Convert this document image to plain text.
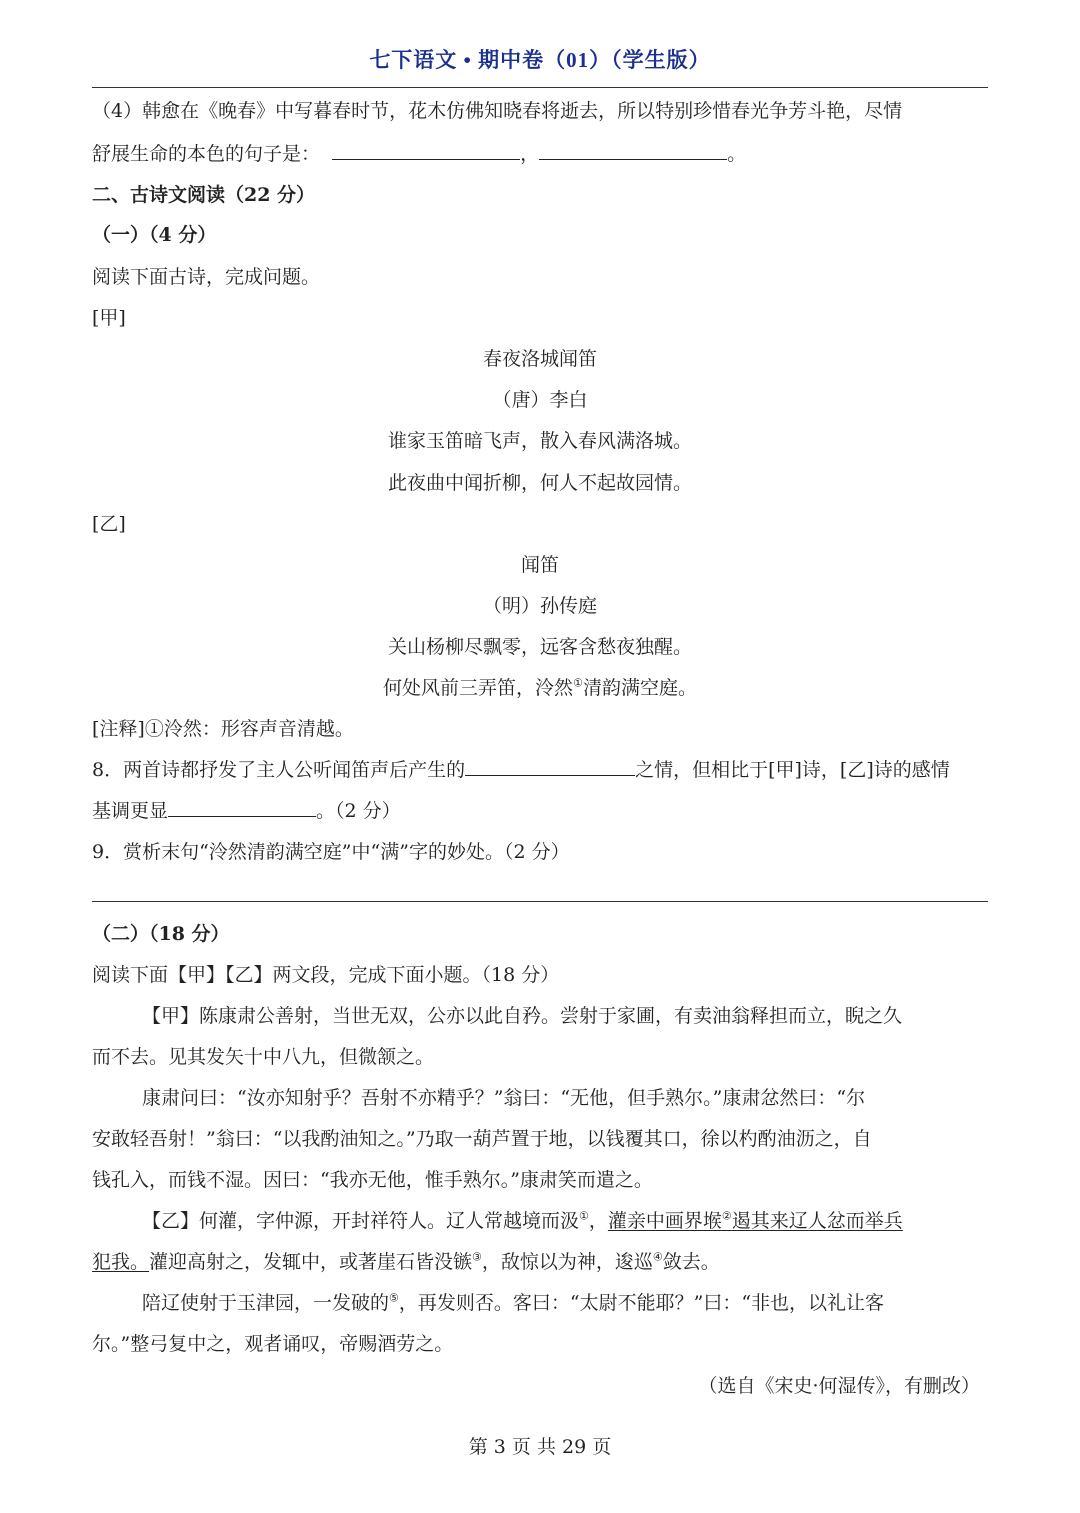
七下语文 • 期中卷（01）（学生版）
（4）韩愈在《晚春》中写暮春时节，花木仿佛知晓春将逝去，所以特别珍惜春光争芳斗艳，尽情
舒展生命的本色的句子是：	，	。
二、古诗文阅读（22 分）
（一）（4 分）
阅读下面古诗，完成问题。
[甲]
春夜洛城闻笛
（唐）李白
谁家玉笛暗飞声，散入春风满洛城。
此夜曲中闻折柳，何人不起故园情。
[乙]
闻笛
（明）孙传庭
关山杨柳尽飘零，远客含愁夜独醒。
何处风前三弄笛，泠然①清韵满空庭。
[注释]①泠然：形容声音清越。
8．两首诗都抒发了主人公听闻笛声后产生的	之情，但相比于[甲]诗，[乙]诗的感情
基调更显	。（2 分）
9．赏析末句“泠然清韵满空庭”中“满”字的妙处。（2 分）
（二）（18 分）
阅读下面【甲】【乙】两文段，完成下面小题。（18 分）
【甲】陈康肃公善射，当世无双，公亦以此自矜。尝射于家圃，有卖油翁释担而立，睨之久
而不去。见其发矢十中八九，但微颔之。
康肃问曰：“汝亦知射乎？吾射不亦精乎？”翁曰：“无他，但手熟尔。”康肃忿然曰：“尔
安敢轻吾射！”翁曰：“以我酌油知之。”乃取一葫芦置于地，以钱覆其口，徐以杓酌油沥之，自
钱孔入，而钱不湿。因曰：“我亦无他，惟手熟尔。”康肃笑而遣之。
【乙】何灌，字仲源，开封祥符人。辽人常越境而汲①，灌亲中画界堠②遏其来辽人忿而举兵
犯我。灌迎高射之，发辄中，或著崖石皆没镞③，敌惊以为神，逡巡④敛去。
陪辽使射于玉津园，一发破的⑤，再发则否。客曰：“太尉不能耶？”曰：“非也，以礼让客
尔。”整弓复中之，观者诵叹，帝赐酒劳之。
（选自《宋史·何湿传》，有删改）
第 3 页 共 29 页
